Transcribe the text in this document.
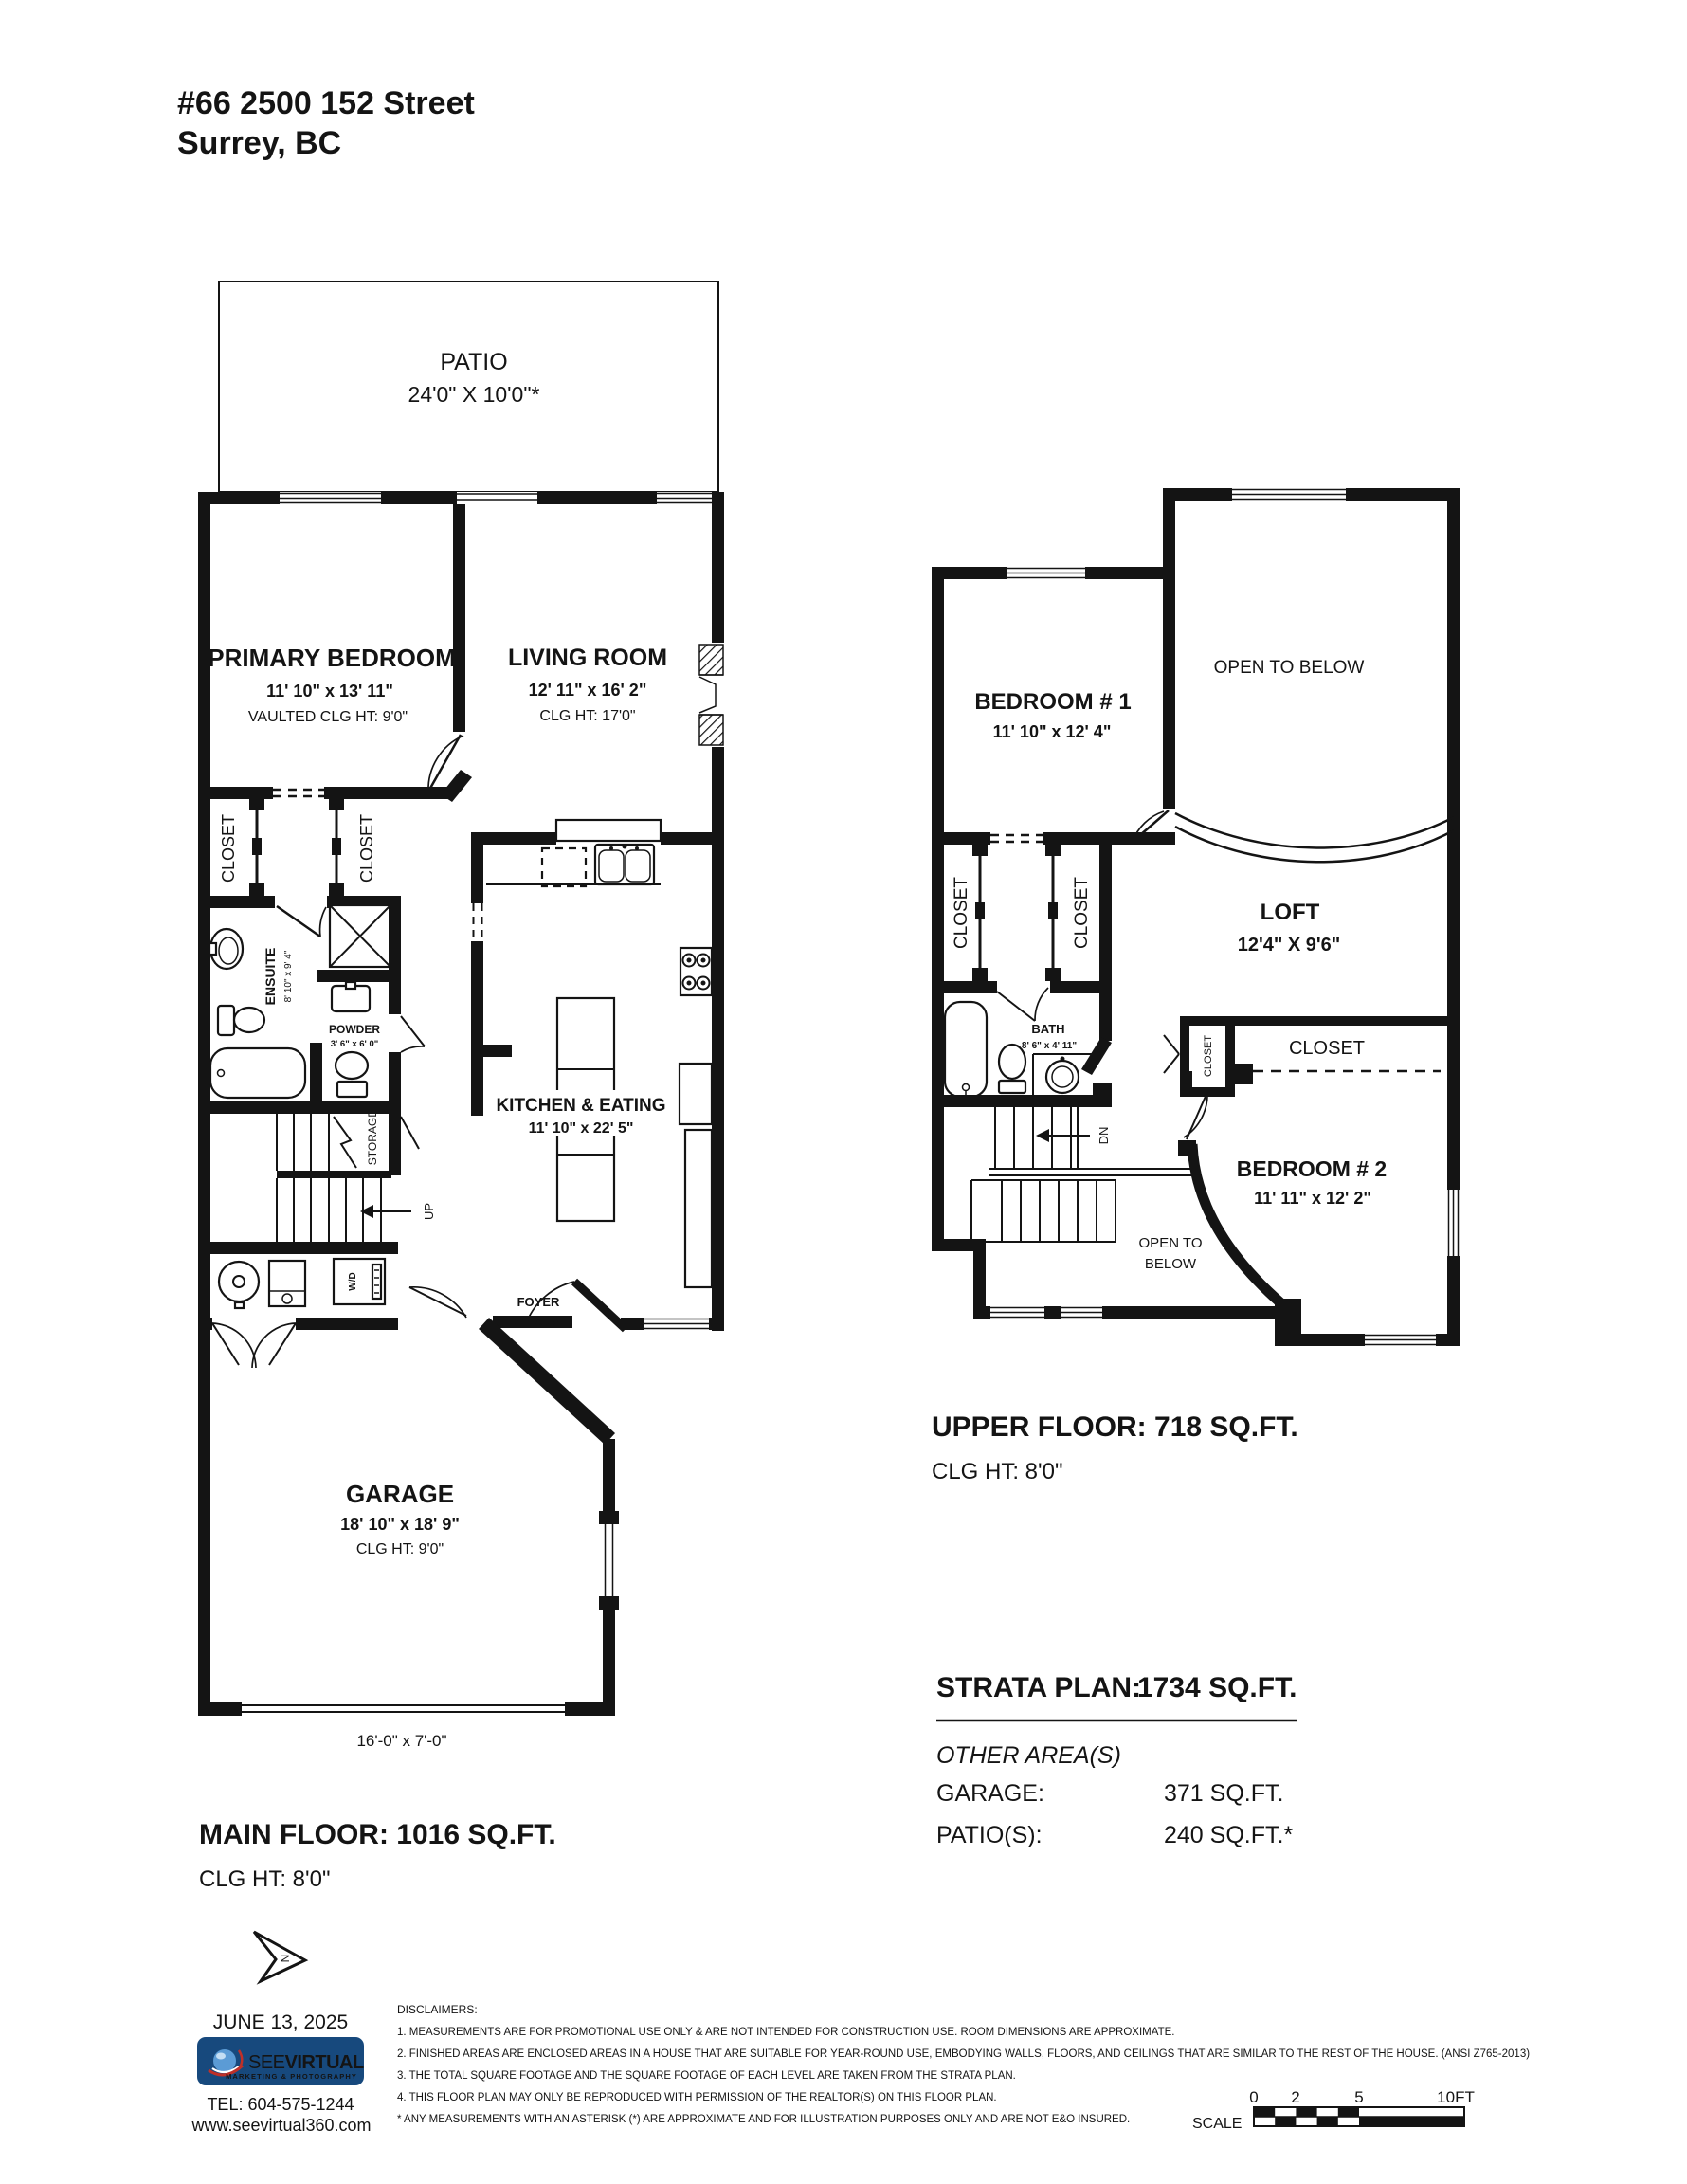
#66 2500 152 Street
Surrey, BC
PATIO
24'0" X 10'0"*
PRIMARY BEDROOM
11' 10" x 13' 11"
VAULTED CLG HT: 9'0"
LIVING ROOM
12' 11" x 16' 2"
CLG HT: 17'0"
CLOSET	CLOSET
ENSUITE 8' 10" x 9' 4"
POWDER
3' 6" x 6' 0"
STORAGE
UP
W/D
FOYER
5'1" X 3'8"
KITCHEN & EATING
11' 10" x 22' 5"
GARAGE
18' 10" x 18' 9"
CLG HT: 9'0"
16'-0" x 7'-0"
MAIN FLOOR: 1016 SQ.FT.
CLG HT: 8'0"
BEDROOM # 1
11' 10" x 12' 4"
OPEN TO BELOW
CLOSET	CLOSET	LOFT
12'4" X 9'6"
BATH
8' 6" x 4' 11"	CLOSET	CLOSET
DN
OPEN TO
BELOW
BEDROOM # 2
11' 11" x 12' 2"
UPPER FLOOR: 718 SQ.FT.
CLG HT: 8'0"
STRATA PLAN:
1734 SQ.FT.
OTHER AREA(S)
GARAGE:	371 SQ.FT.
PATIO(S):	240 SQ.FT.*
N
JUNE 13, 2025
SEEVIRTUAL
MARKETING & PHOTOGRAPHY
TEL: 604-575-1244
www.seevirtual360.com
DISCLAIMERS:
1. MEASUREMENTS ARE FOR PROMOTIONAL USE ONLY & ARE NOT INTENDED FOR CONSTRUCTION USE. ROOM DIMENSIONS ARE APPROXIMATE.
2. FINISHED AREAS ARE ENCLOSED AREAS IN A HOUSE THAT ARE SUITABLE FOR YEAR-ROUND USE, EMBODYING WALLS, FLOORS, AND CEILINGS THAT ARE SIMILAR TO THE REST OF THE HOUSE. (ANSI Z765-2013)
3. THE TOTAL SQUARE FOOTAGE AND THE SQUARE FOOTAGE OF EACH LEVEL ARE TAKEN FROM THE STRATA PLAN.
4. THIS FLOOR PLAN MAY ONLY BE REPRODUCED WITH PERMISSION OF THE REALTOR(S) ON THIS FLOOR PLAN.
* ANY MEASUREMENTS WITH AN ASTERISK (*) ARE APPROXIMATE AND FOR ILLUSTRATION PURPOSES ONLY AND ARE NOT E&O INSURED.	SCALE
0 2	5	10FT
